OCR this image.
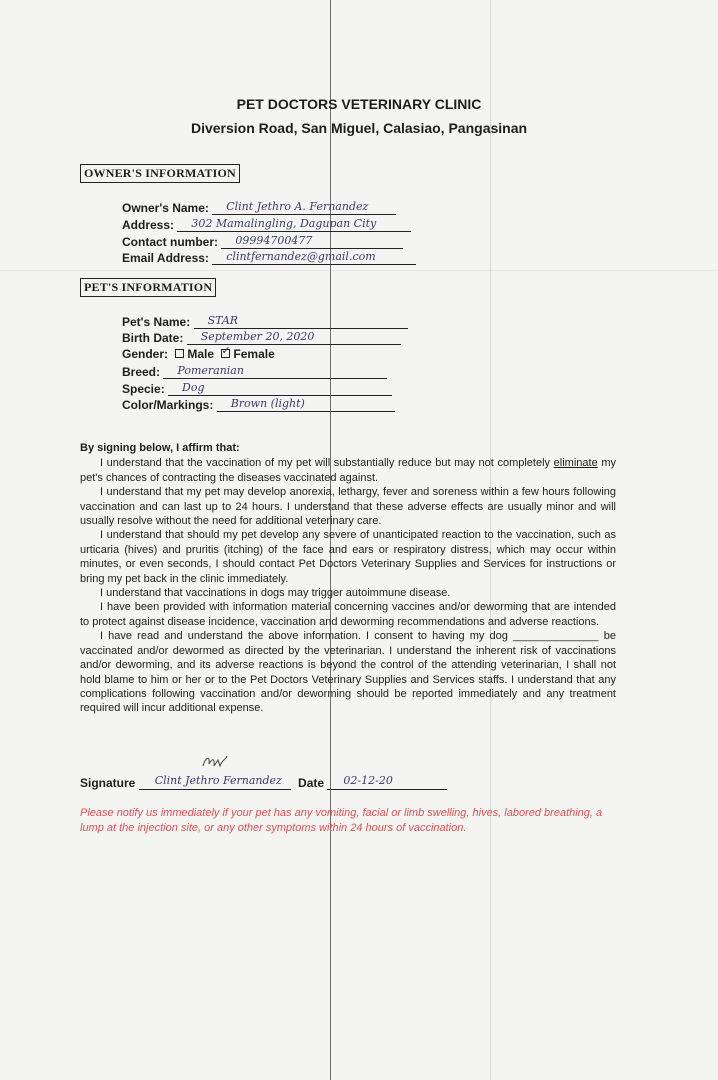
PET DOCTORS VETERINARY CLINIC
Diversion Road, San Miguel, Calasiao, Pangasinan
OWNER'S INFORMATION
Owner's Name: Clint Jethro A. Fernandez
Address: 302 Mamalingling, Dagupan City
Contact number: 09994700477
Email Address: clintfernandez@gmail.com
PET'S INFORMATION
Pet's Name: STAR
Birth Date: September 20, 2020
Gender: Male ✓ Female
Breed: Pomeranian
Specie: Dog
Color/Markings: Brown (light)
By signing below, I affirm that:

I understand that the vaccination of my pet will substantially reduce but may not completely eliminate my pet's chances of contracting the diseases vaccinated against.

I understand that my pet may develop anorexia, lethargy, fever and soreness within a few hours following vaccination and can last up to 24 hours. I understand that these adverse effects are usually minor and will usually resolve without the need for additional veterinary care.

I understand that should my pet develop any severe of unanticipated reaction to the vaccination, such as urticaria (hives) and pruritis (itching) of the face and ears or respiratory distress, which may occur within minutes, or even seconds, I should contact Pet Doctors Veterinary Supplies and Services for instructions or bring my pet back in the clinic immediately.

I understand that vaccinations in dogs may trigger autoimmune disease.

I have been provided with information material concerning vaccines and/or deworming that are intended to protect against disease incidence, vaccination and deworming recommendations and adverse reactions.

I have read and understand the above information. I consent to having my dog ______________ be vaccinated and/or dewormed as directed by the veterinarian. I understand the inherent risk of vaccinations and/or deworming, and its adverse reactions is beyond the control of the attending veterinarian, I shall not hold blame to him or her or to the Pet Doctors Veterinary Supplies and Services staffs. I understand that any complications following vaccination and/or deworming should be reported immediately and any treatment required will incur additional expense.

Signature Clint Jethro Fernandez Date 02-12-20
Please notify us immediately if your pet has any vomiting, facial or limb swelling, hives, labored breathing, a lump at the injection site, or any other symptoms within 24 hours of vaccination.
